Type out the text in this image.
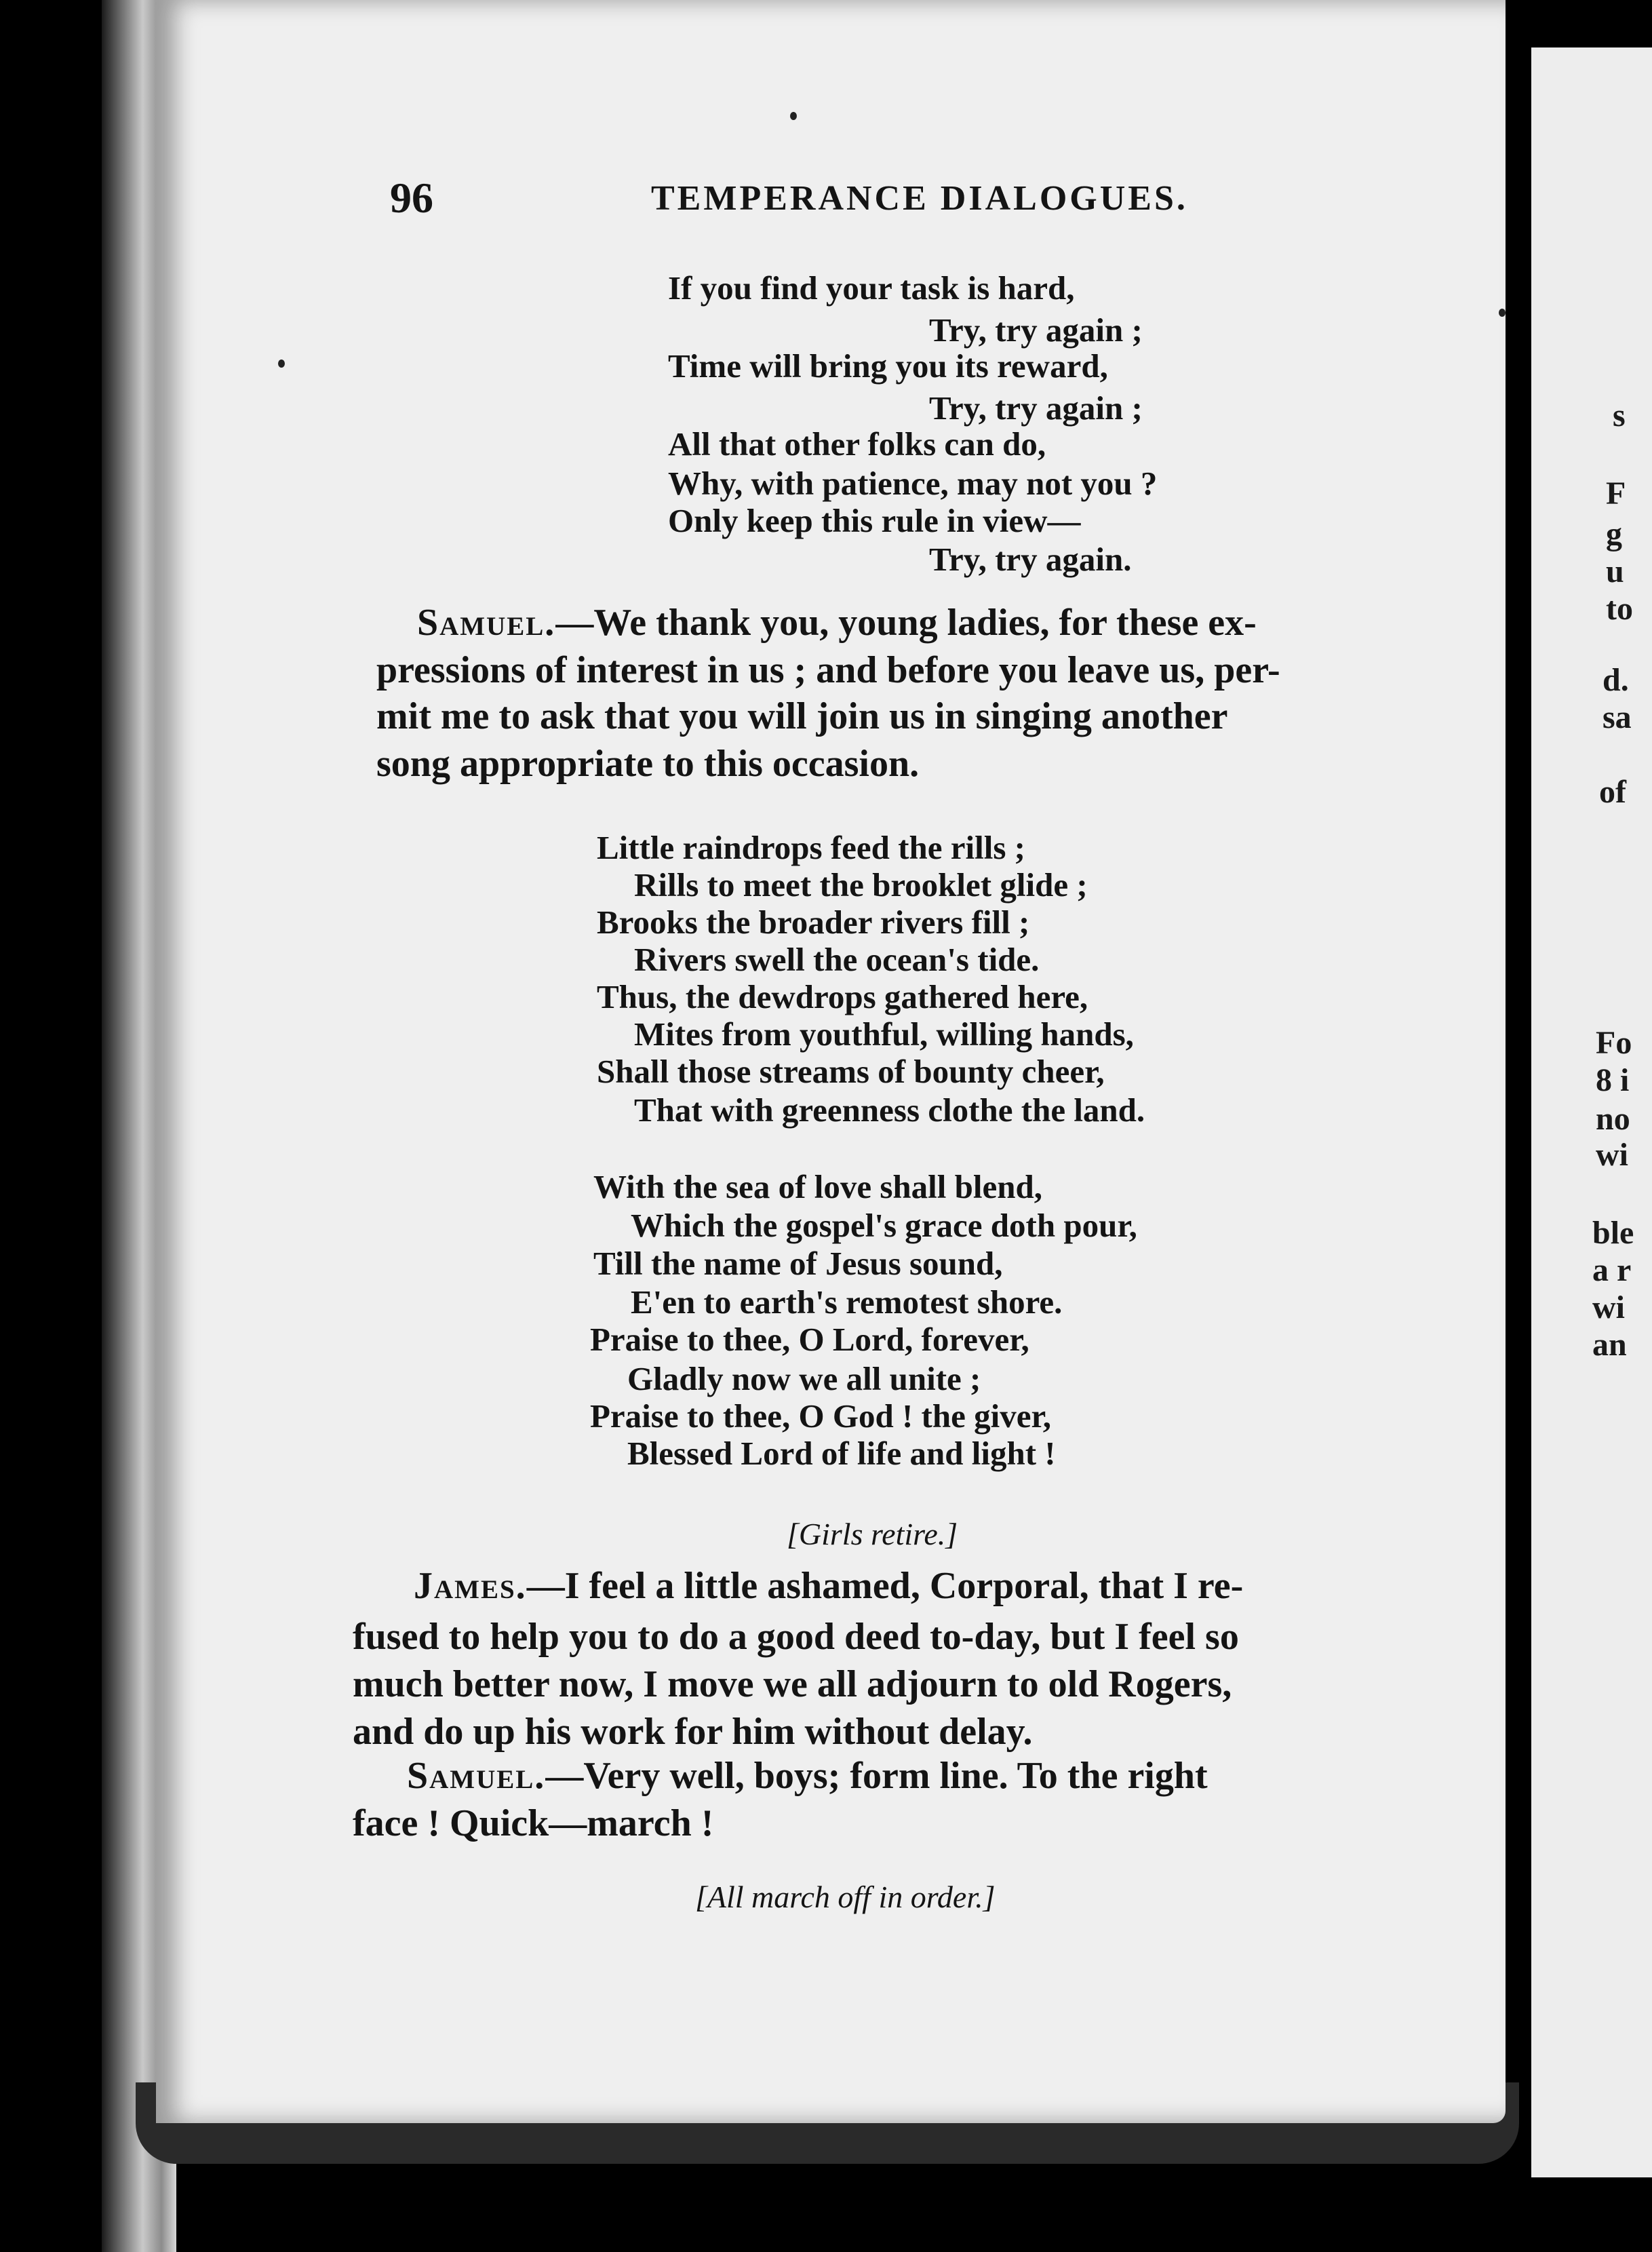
96	TEMPERANCE DIALOGUES.
If you find your task is hard,
Try, try again ;
Time will bring you its reward,
Try, try again ;
All that other folks can do,
Why, with patience, may not you ?
Only keep this rule in view—
Try, try again.
Samuel.—We thank you, young ladies, for these ex-
pressions of interest in us ; and before you leave us, per-
mit me to ask that you will join us in singing another
song appropriate to this occasion.
Little raindrops feed the rills ;
Rills to meet the brooklet glide ;
Brooks the broader rivers fill ;
Rivers swell the ocean's tide.
Thus, the dewdrops gathered here,
Mites from youthful, willing hands,
Shall those streams of bounty cheer,
That with greenness clothe the land.
With the sea of love shall blend,
Which the gospel's grace doth pour,
Till the name of Jesus sound,
E'en to earth's remotest shore.
Praise to thee, O Lord, forever,
Gladly now we all unite ;
Praise to thee, O God ! the giver,
Blessed Lord of life and light !
[Girls retire.]
James.—I feel a little ashamed, Corporal, that I re-
fused to help you to do a good deed to-day, but I feel so
much better now, I move we all adjourn to old Rogers,
and do up his work for him without delay.
Samuel.—Very well, boys; form line. To the right
face ! Quick—march !
[All march off in order.]
s
F
g
u
to
d.
sa
of
Fo
8 i
no
wi
ble
a r
wi
an
